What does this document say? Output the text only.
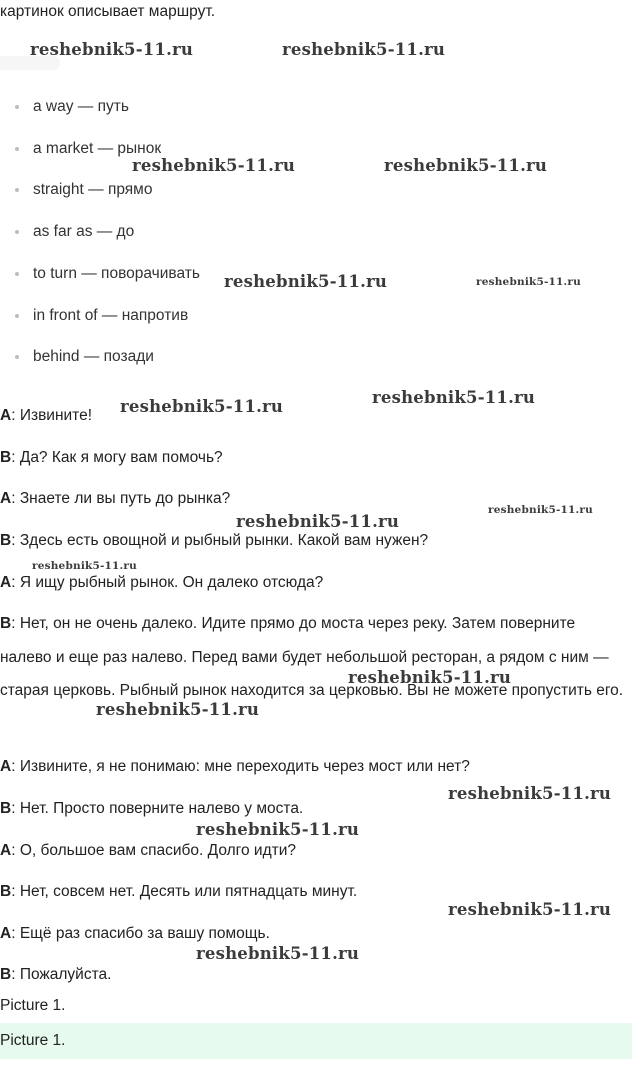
картинок описывает маршрут.
a way — путь
a market — рынок
straight — прямо
as far as — до
to turn — поворачивать
in front of — напротив
behind — позади
A: Извините!
B: Да? Как я могу вам помочь?
A: Знаете ли вы путь до рынка?
B: Здесь есть овощной и рыбный рынки. Какой вам нужен?
A: Я ищу рыбный рынок. Он далеко отсюда?
B: Нет, он не очень далеко. Идите прямо до моста через реку. Затем поверните налево и еще раз налево. Перед вами будет небольшой ресторан, а рядом с ним — старая церковь. Рыбный рынок находится за церковью. Вы не можете пропустить его.
A: Извините, я не понимаю: мне переходить через мост или нет?
B: Нет. Просто поверните налево у моста.
A: О, большое вам спасибо. Долго идти?
B: Нет, совсем нет. Десять или пятнадцать минут.
A: Ещё раз спасибо за вашу помощь.
B: Пожалуйста.
Picture 1.
Picture 1.
reshebnik5-11.ru	reshebnik5-11.ru
reshebnik5-11.ru	reshebnik5-11.ru
reshebnik5-11.ru	reshebnik5-11.ru
reshebnik5-11.ru
reshebnik5-11.ru
reshebnik5-11.ru
reshebnik5-11.ru
reshebnik5-11.ru
reshebnik5-11.ru
reshebnik5-11.ru
reshebnik5-11.ru
reshebnik5-11.ru
reshebnik5-11.ru
reshebnik5-11.ru
